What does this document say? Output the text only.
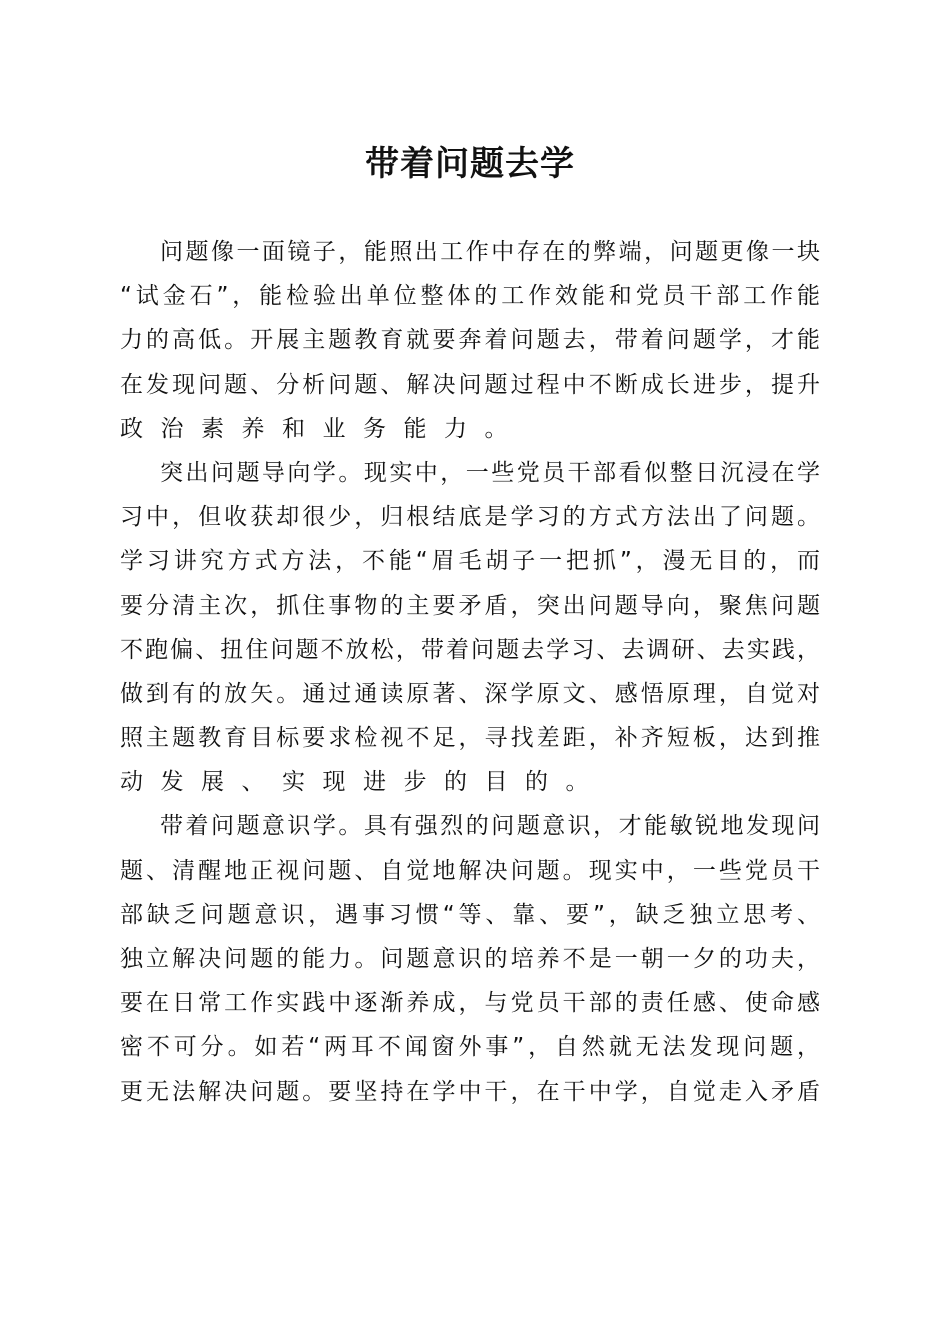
带着问题去学
问题像一面镜子，能照出工作中存在的弊端，问题更像一块
“试金石”，能检验出单位整体的工作效能和党员干部工作能
力的高低。开展主题教育就要奔着问题去，带着问题学，才能
在发现问题、分析问题、解决问题过程中不断成长进步，提升
政治素养和业务能力。
突出问题导向学。现实中，一些党员干部看似整日沉浸在学
习中，但收获却很少，归根结底是学习的方式方法出了问题。
学习讲究方式方法，不能“眉毛胡子一把抓”，漫无目的，而
要分清主次，抓住事物的主要矛盾，突出问题导向，聚焦问题
不跑偏、扭住问题不放松，带着问题去学习、去调研、去实践，
做到有的放矢。通过通读原著、深学原文、感悟原理，自觉对
照主题教育目标要求检视不足，寻找差距，补齐短板，达到推
动发展、实现进步的目的。
带着问题意识学。具有强烈的问题意识，才能敏锐地发现问
题、清醒地正视问题、自觉地解决问题。现实中，一些党员干
部缺乏问题意识，遇事习惯“等、靠、要”，缺乏独立思考、
独立解决问题的能力。问题意识的培养不是一朝一夕的功夫，
要在日常工作实践中逐渐养成，与党员干部的责任感、使命感
密不可分。如若“两耳不闻窗外事”，自然就无法发现问题，
更无法解决问题。要坚持在学中干，在干中学，自觉走入矛盾
